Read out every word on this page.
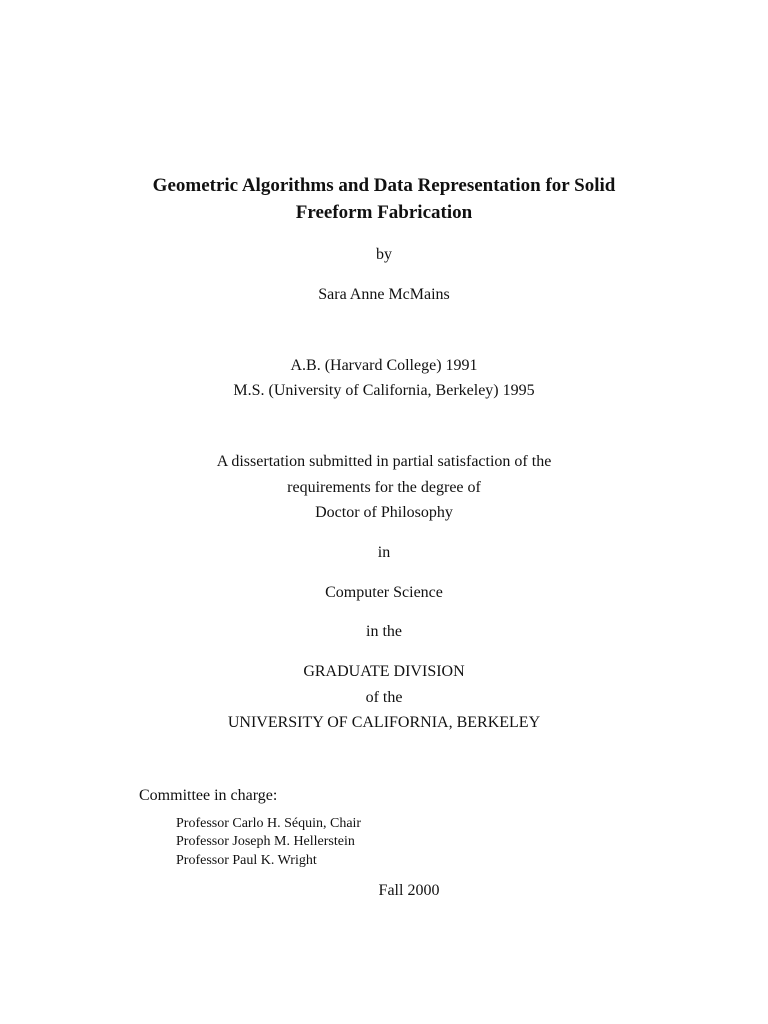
Geometric Algorithms and Data Representation for Solid
Freeform Fabrication
by
Sara Anne McMains
A.B. (Harvard College) 1991
M.S. (University of California, Berkeley) 1995
A dissertation submitted in partial satisfaction of the
requirements for the degree of
Doctor of Philosophy
in
Computer Science
in the
GRADUATE DIVISION
of the
UNIVERSITY OF CALIFORNIA, BERKELEY
Committee in charge:
Professor Carlo H. Séquin, Chair
Professor Joseph M. Hellerstein
Professor Paul K. Wright
Fall 2000
